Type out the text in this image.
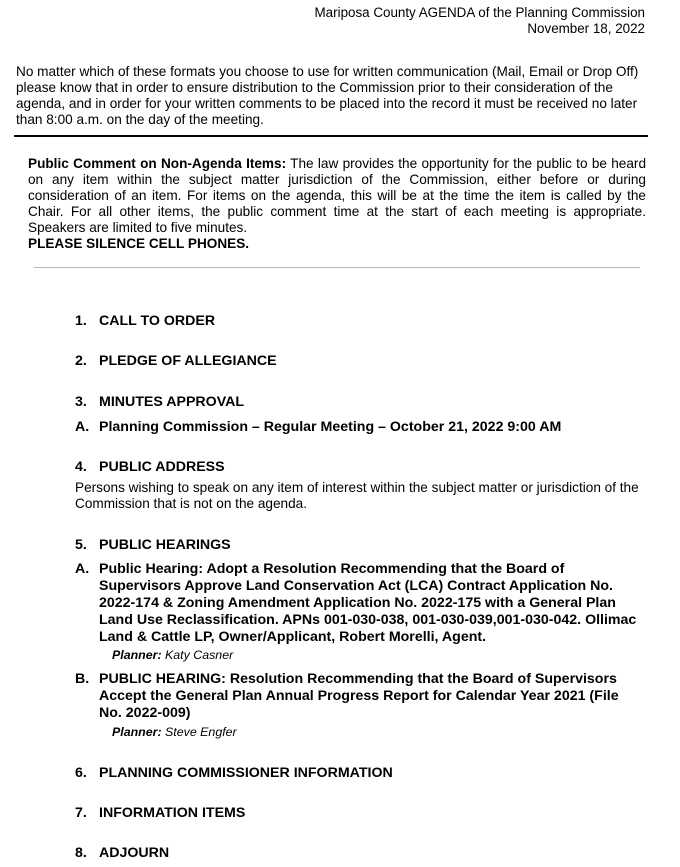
Mariposa County AGENDA of the Planning Commission
November 18, 2022
No matter which of these formats you choose to use for written communication (Mail, Email or Drop Off) please know that in order to ensure distribution to the Commission prior to their consideration of the agenda, and in order for your written comments to be placed into the record it must be received no later than 8:00 a.m. on the day of the meeting.
Public Comment on Non-Agenda Items: The law provides the opportunity for the public to be heard on any item within the subject matter jurisdiction of the Commission, either before or during consideration of an item. For items on the agenda, this will be at the time the item is called by the Chair. For all other items, the public comment time at the start of each meeting is appropriate. Speakers are limited to five minutes.
PLEASE SILENCE CELL PHONES.
1. CALL TO ORDER
2. PLEDGE OF ALLEGIANCE
3. MINUTES APPROVAL
A. Planning Commission – Regular Meeting – October 21, 2022 9:00 AM
4. PUBLIC ADDRESS
Persons wishing to speak on any item of interest within the subject matter or jurisdiction of the Commission that is not on the agenda.
5. PUBLIC HEARINGS
A. Public Hearing: Adopt a Resolution Recommending that the Board of Supervisors Approve Land Conservation Act (LCA) Contract Application No. 2022-174 & Zoning Amendment Application No. 2022-175 with a General Plan Land Use Reclassification. APNs 001-030-038, 001-030-039,001-030-042. Ollimac Land & Cattle LP, Owner/Applicant, Robert Morelli, Agent.
Planner: Katy Casner
B. PUBLIC HEARING: Resolution Recommending that the Board of Supervisors Accept the General Plan Annual Progress Report for Calendar Year 2021 (File No. 2022-009)
Planner: Steve Engfer
6. PLANNING COMMISSIONER INFORMATION
7. INFORMATION ITEMS
8. ADJOURN
